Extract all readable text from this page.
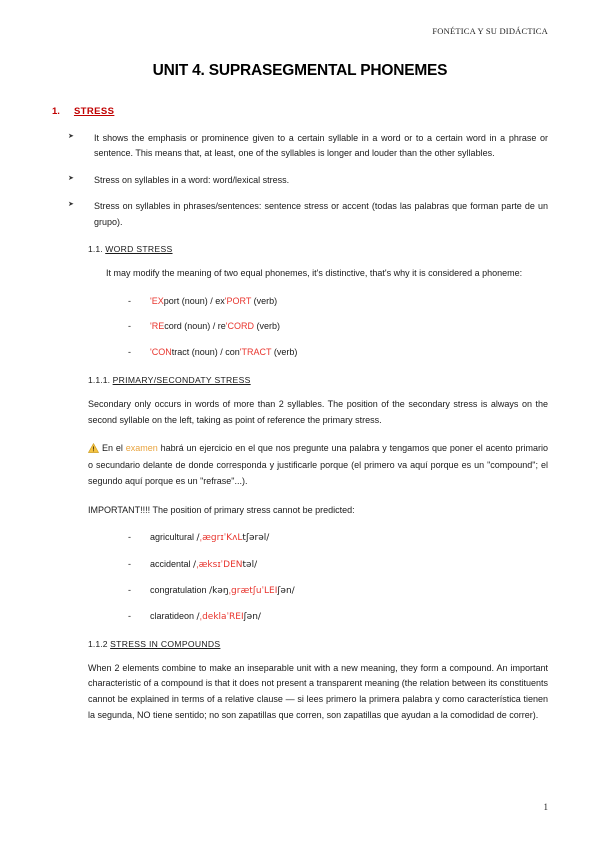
FONÉTICA Y SU DIDÁCTICA
UNIT 4. SUPRASEGMENTAL PHONEMES
1. STRESS
➤ It shows the emphasis or prominence given to a certain syllable in a word or to a certain word in a phrase or sentence. This means that, at least, one of the syllables is longer and louder than the other syllables.
➤ Stress on syllables in a word: word/lexical stress.
➤ Stress on syllables in phrases/sentences: sentence stress or accent (todas las palabras que forman parte de un grupo).
1.1. WORD STRESS

It may modify the meaning of two equal phonemes, it's distinctive, that's why it is considered a phoneme:

- 'EXport (noun) / ex'PORT (verb)
- 'REcord (noun) / re'CORD (verb)
- 'CONtract (noun) / con'TRACT (verb)
1.1.1. PRIMARY/SECONDATY STRESS

Secondary only occurs in words of more than 2 syllables. The position of the secondary stress is always on the second syllable on the left, taking as point of reference the primary stress.

En el examen habrá un ejercicio en el que nos pregunte una palabra y tengamos que poner el acento primario o secundario delante de donde corresponda y justificarle porque (el primero va aquí porque es un "compound"; el segundo aquí porque es un "refrase"...).

IMPORTANT!!!! The position of primary stress cannot be predicted:

- agricultural /ˌægrɪˈKʌLtʃərəl/
- accidental /ˌæksɪˈDENtəl/
- congratulation /kəŋˌgrætʃuˈLEIʃən/
- claratideon /ˌdeklaˈREIʃən/
1.1.2 STRESS IN COMPOUNDS

When 2 elements combine to make an inseparable unit with a new meaning, they form a compound. An important characteristic of a compound is that it does not present a transparent meaning (the relation between its constituents cannot be explained in terms of a relative clause — si lees primero la primera palabra y como característica tienen la segunda, NO tiene sentido; no son zapatillas que corren, son zapatillas que ayudan a la comodidad de correr).

1
